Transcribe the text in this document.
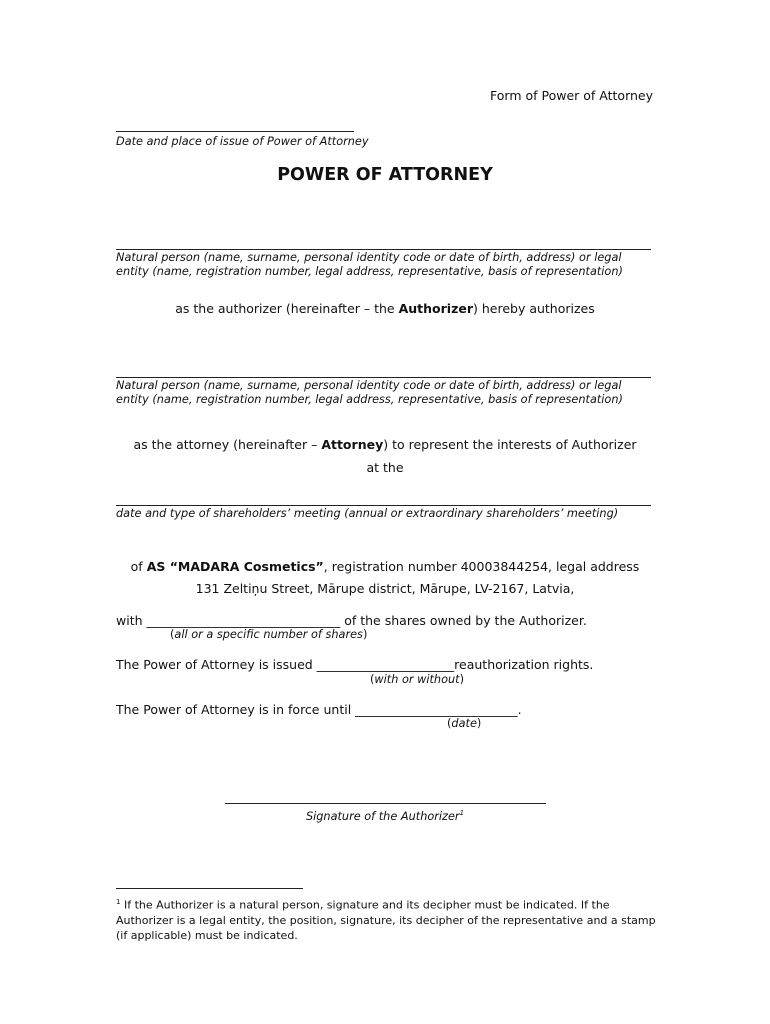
Form of Power of Attorney
Date and place of issue of Power of Attorney
POWER OF ATTORNEY
Natural person (name, surname, personal identity code or date of birth, address) or legal
entity (name, registration number, legal address, representative, basis of representation)
as the authorizer (hereinafter – the Authorizer) hereby authorizes
Natural person (name, surname, personal identity code or date of birth, address) or legal
entity (name, registration number, legal address, representative, basis of representation)
as the attorney (hereinafter – Attorney) to represent the interests of Authorizer
at the
date and type of shareholders’ meeting (annual or extraordinary shareholders’ meeting)
of AS “MADARA Cosmetics”, registration number 40003844254, legal address
131 Zeltiņu Street, Mārupe district, Mārupe, LV-2167, Latvia,
with _______________________________ of the shares owned by the Authorizer.
(all or a specific number of shares)
The Power of Attorney is issued ______________________reauthorization rights.
(with or without)
The Power of Attorney is in force until __________________________.
(date)
Signature of the Authorizer$^1$
$^1$ If the Authorizer is a natural person, signature and its decipher must be indicated. If the Authorizer is a legal entity, the position, signature, its decipher of the representative and a stamp (if applicable) must be indicated.
